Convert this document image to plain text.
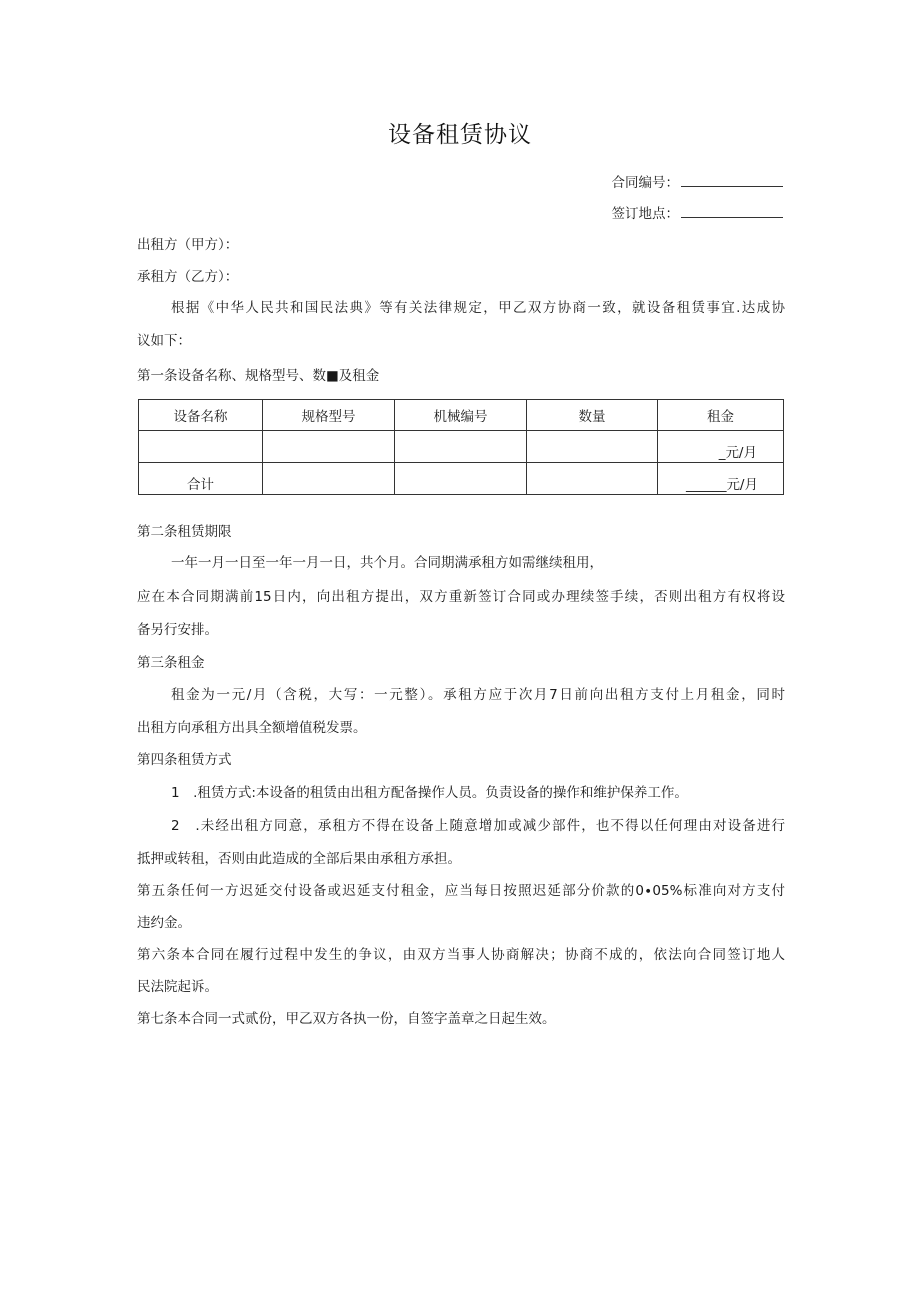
设备租赁协议
合同编号：
签订地点：
出租方（甲方）：
承租方（乙方）：
根据《中华人民共和国民法典》等有关法律规定，甲乙双方协商一致，就设备租赁事宜.达成协
议如下：
第一条设备名称、规格型号、数■及租金
设备名称	规格型号	机械编号	数量	租金
				_元/月
合计				______元/月
第二条租赁期限
一年一月一日至一年一月一日，共个月。合同期满承租方如需继续租用，
应在本合同期满前15日内，向出租方提出，双方重新签订合同或办理续签手续，否则出租方有权将设
备另行安排。
第三条租金
租金为一元/月（含税，大写：一元整）。承租方应于次月7日前向出租方支付上月租金，同时
出租方向承租方出具全额增值税发票。
第四条租赁方式
1　.租赁方式:本设备的租赁由出租方配备操作人员。负责设备的操作和维护保养工作。
2　.未经出租方同意，承租方不得在设备上随意增加或减少部件，也不得以任何理由对设备进行
抵押或转租，否则由此造成的全部后果由承租方承担。
第五条任何一方迟延交付设备或迟延支付租金，应当每日按照迟延部分价款的0∙05%标准向对方支付
违约金。
第六条本合同在履行过程中发生的争议，由双方当事人协商解决；协商不成的，依法向合同签订地人
民法院起诉。
第七条本合同一式贰份，甲乙双方各执一份，自签字盖章之日起生效。
